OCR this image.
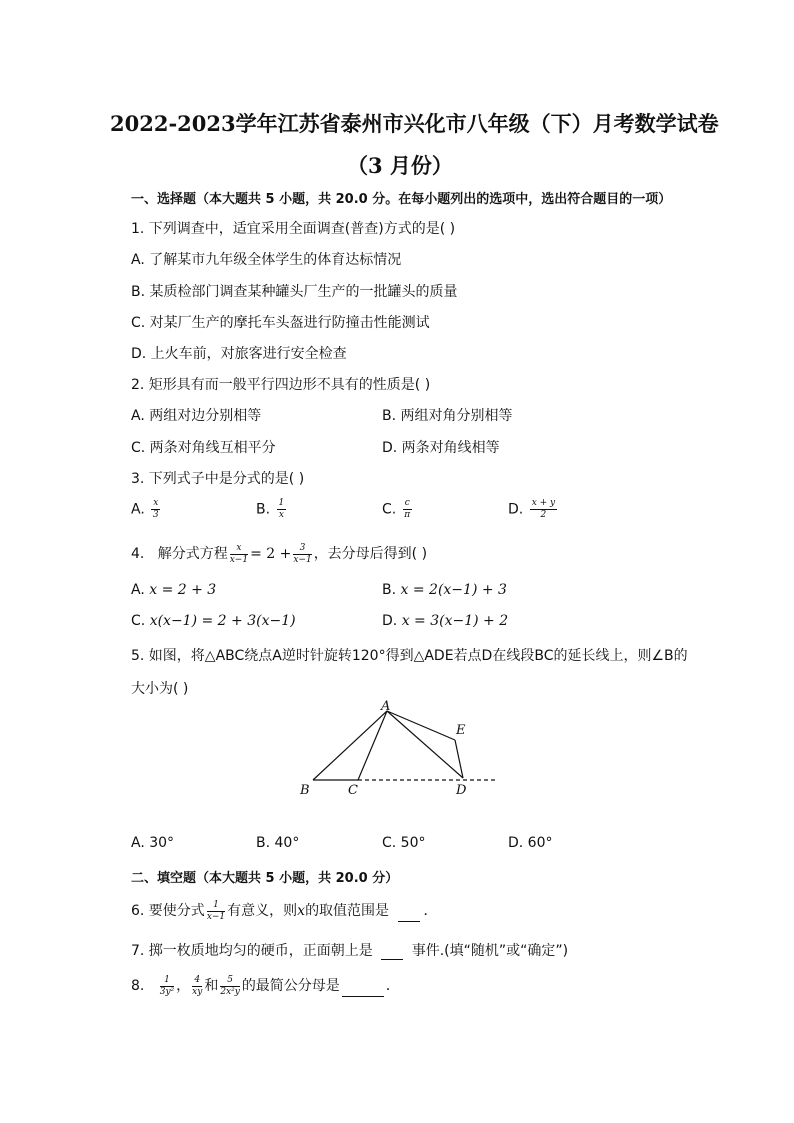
2022-2023学年江苏省泰州市兴化市八年级（下）月考数学试卷
（3 月份）
一、选择题（本大题共 5 小题，共 20.0 分。在每小题列出的选项中，选出符合题目的一项）
1. 下列调查中，适宜采用全面调查(普查)方式的是( )
A. 了解某市九年级全体学生的体育达标情况
B. 某质检部门调查某种罐头厂生产的一批罐头的质量
C. 对某厂生产的摩托车头盔进行防撞击性能测试
D. 上火车前，对旅客进行安全检查
2. 矩形具有而一般平行四边形不具有的性质是( )
A. 两组对边分别相等	B. 两组对角分别相等
C. 两条对角线互相平分	D. 两条对角线相等
3. 下列式子中是分式的是( )
A. $\frac{x}{3}$	B. $\frac{1}{x}$	C. $\frac{c}{\pi}$	D. $\frac{x + y}{2}$
4. 解分式方程 $\frac{x}{x-1} = 2 + \frac{3}{x-1}$ ，去分母后得到( )
A. x = 2 + 3	B. x = 2(x−1) + 3
C. x(x−1) = 2 + 3(x−1)	D. x = 3(x−1) + 2
5. 如图，将△ABC绕点A逆时针旋转120°得到△ADE若点D在线段BC的延长线上，则∠B的
大小为( )
A
B	C	D
E
A. 30°	B. 40°	C. 50°	D. 60°
二、填空题（本大题共 5 小题，共 20.0 分）
6. 要使分式 $\frac{1}{x-1}$ 有意义，则x的取值范围是 ．
7. 掷一枚质地均匀的硬币，正面朝上是	事件.(填“随机”或“确定”)
8. $\frac{1}{\text{3y²}}$ ， $\frac{4}{xy}$ 和 $\frac{5}{\text{2x²y}}$ 的最简公分母是	．
